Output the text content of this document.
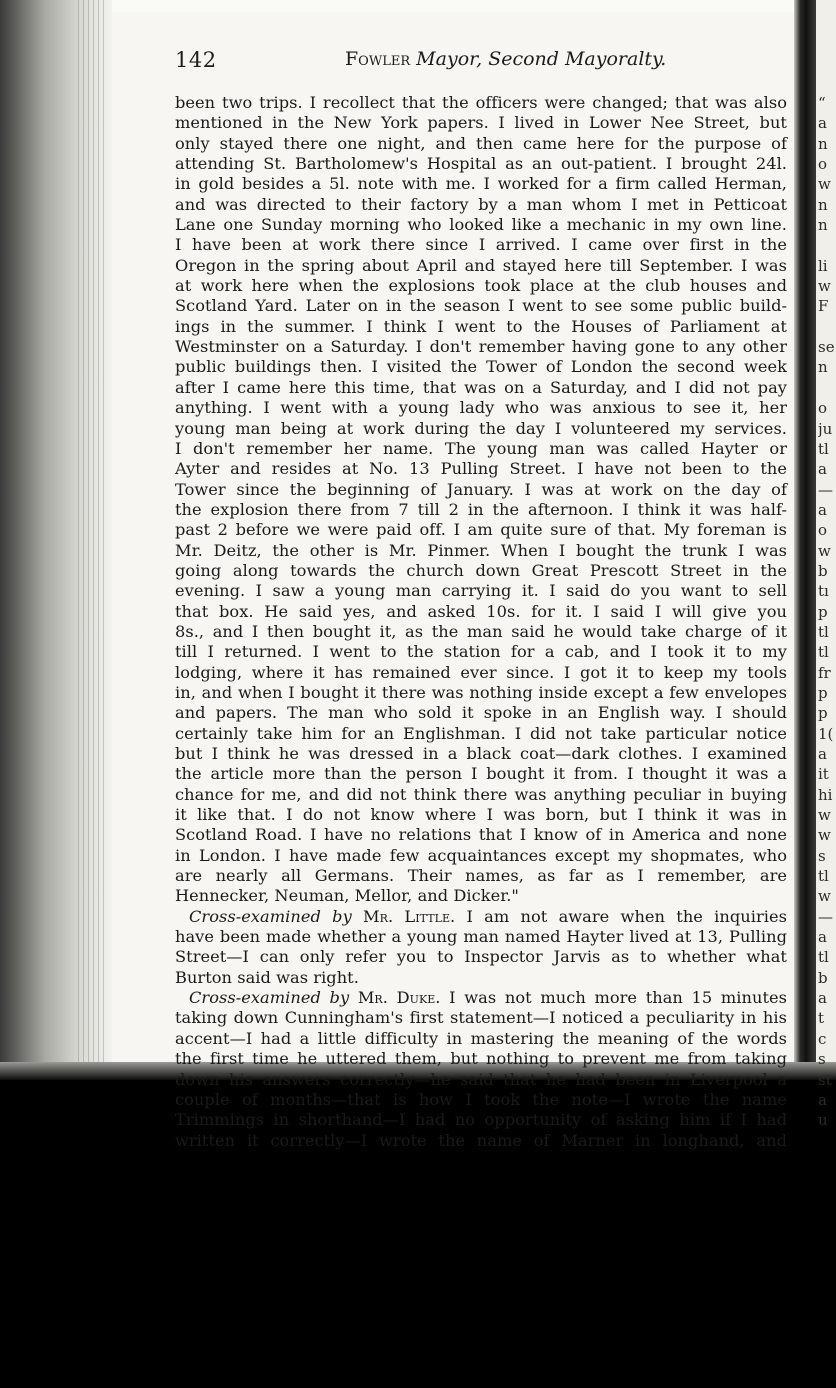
142	Fowler Mayor, Second Mayoralty.
been two trips. I recollect that the officers were changed; that was also
mentioned in the New York papers. I lived in Lower Nee Street, but
only stayed there one night, and then came here for the purpose of
attending St. Bartholomew's Hospital as an out-patient. I brought 24l.
in gold besides a 5l. note with me. I worked for a firm called Herman,
and was directed to their factory by a man whom I met in Petticoat
Lane one Sunday morning who looked like a mechanic in my own line.
I have been at work there since I arrived. I came over first in the
Oregon in the spring about April and stayed here till September. I was
at work here when the explosions took place at the club houses and
Scotland Yard. Later on in the season I went to see some public build-
ings in the summer. I think I went to the Houses of Parliament at
Westminster on a Saturday. I don't remember having gone to any other
public buildings then. I visited the Tower of London the second week
after I came here this time, that was on a Saturday, and I did not pay
anything. I went with a young lady who was anxious to see it, her
young man being at work during the day I volunteered my services.
I don't remember her name. The young man was called Hayter or
Ayter and resides at No. 13 Pulling Street. I have not been to the
Tower since the beginning of January. I was at work on the day of
the explosion there from 7 till 2 in the afternoon. I think it was half-
past 2 before we were paid off. I am quite sure of that. My foreman is
Mr. Deitz, the other is Mr. Pinmer. When I bought the trunk I was
going along towards the church down Great Prescott Street in the
evening. I saw a young man carrying it. I said do you want to sell
that box. He said yes, and asked 10s. for it. I said I will give you
8s., and I then bought it, as the man said he would take charge of it
till I returned. I went to the station for a cab, and I took it to my
lodging, where it has remained ever since. I got it to keep my tools
in, and when I bought it there was nothing inside except a few envelopes
and papers. The man who sold it spoke in an English way. I should
certainly take him for an Englishman. I did not take particular notice
but I think he was dressed in a black coat—dark clothes. I examined
the article more than the person I bought it from. I thought it was a
chance for me, and did not think there was anything peculiar in buying
it like that. I do not know where I was born, but I think it was in
Scotland Road. I have no relations that I know of in America and none
in London. I have made few acquaintances except my shopmates, who
are nearly all Germans. Their names, as far as I remember, are
Hennecker, Neuman, Mellor, and Dicker."
Cross-examined by Mr. Little. I am not aware when the inquiries
have been made whether a young man named Hayter lived at 13, Pulling
Street—I can only refer you to Inspector Jarvis as to whether what
Burton said was right.
Cross-examined by Mr. Duke. I was not much more than 15 minutes
taking down Cunningham's first statement—I noticed a peculiarity in his
accent—I had a little difficulty in mastering the meaning of the words
the first time he uttered them, but nothing to prevent me from taking
down his answers correctly—he said that he had been in Liverpool a
couple of months—that is how I took the note—I wrote the name
Trimmings in shorthand—I had no opportunity of asking him if I had
written it correctly—I wrote the name of Marner in longhand, and
“
a
n
o
w
n
n
li
w
F
se
n
o
ju
tl
a
—
a
o
w
b
tı
p
tl
tl
fr
p
p
1(
a
it
hi
w
w
s
tl
w
—
a
tl
b
a
t
c
s
st
a
u
